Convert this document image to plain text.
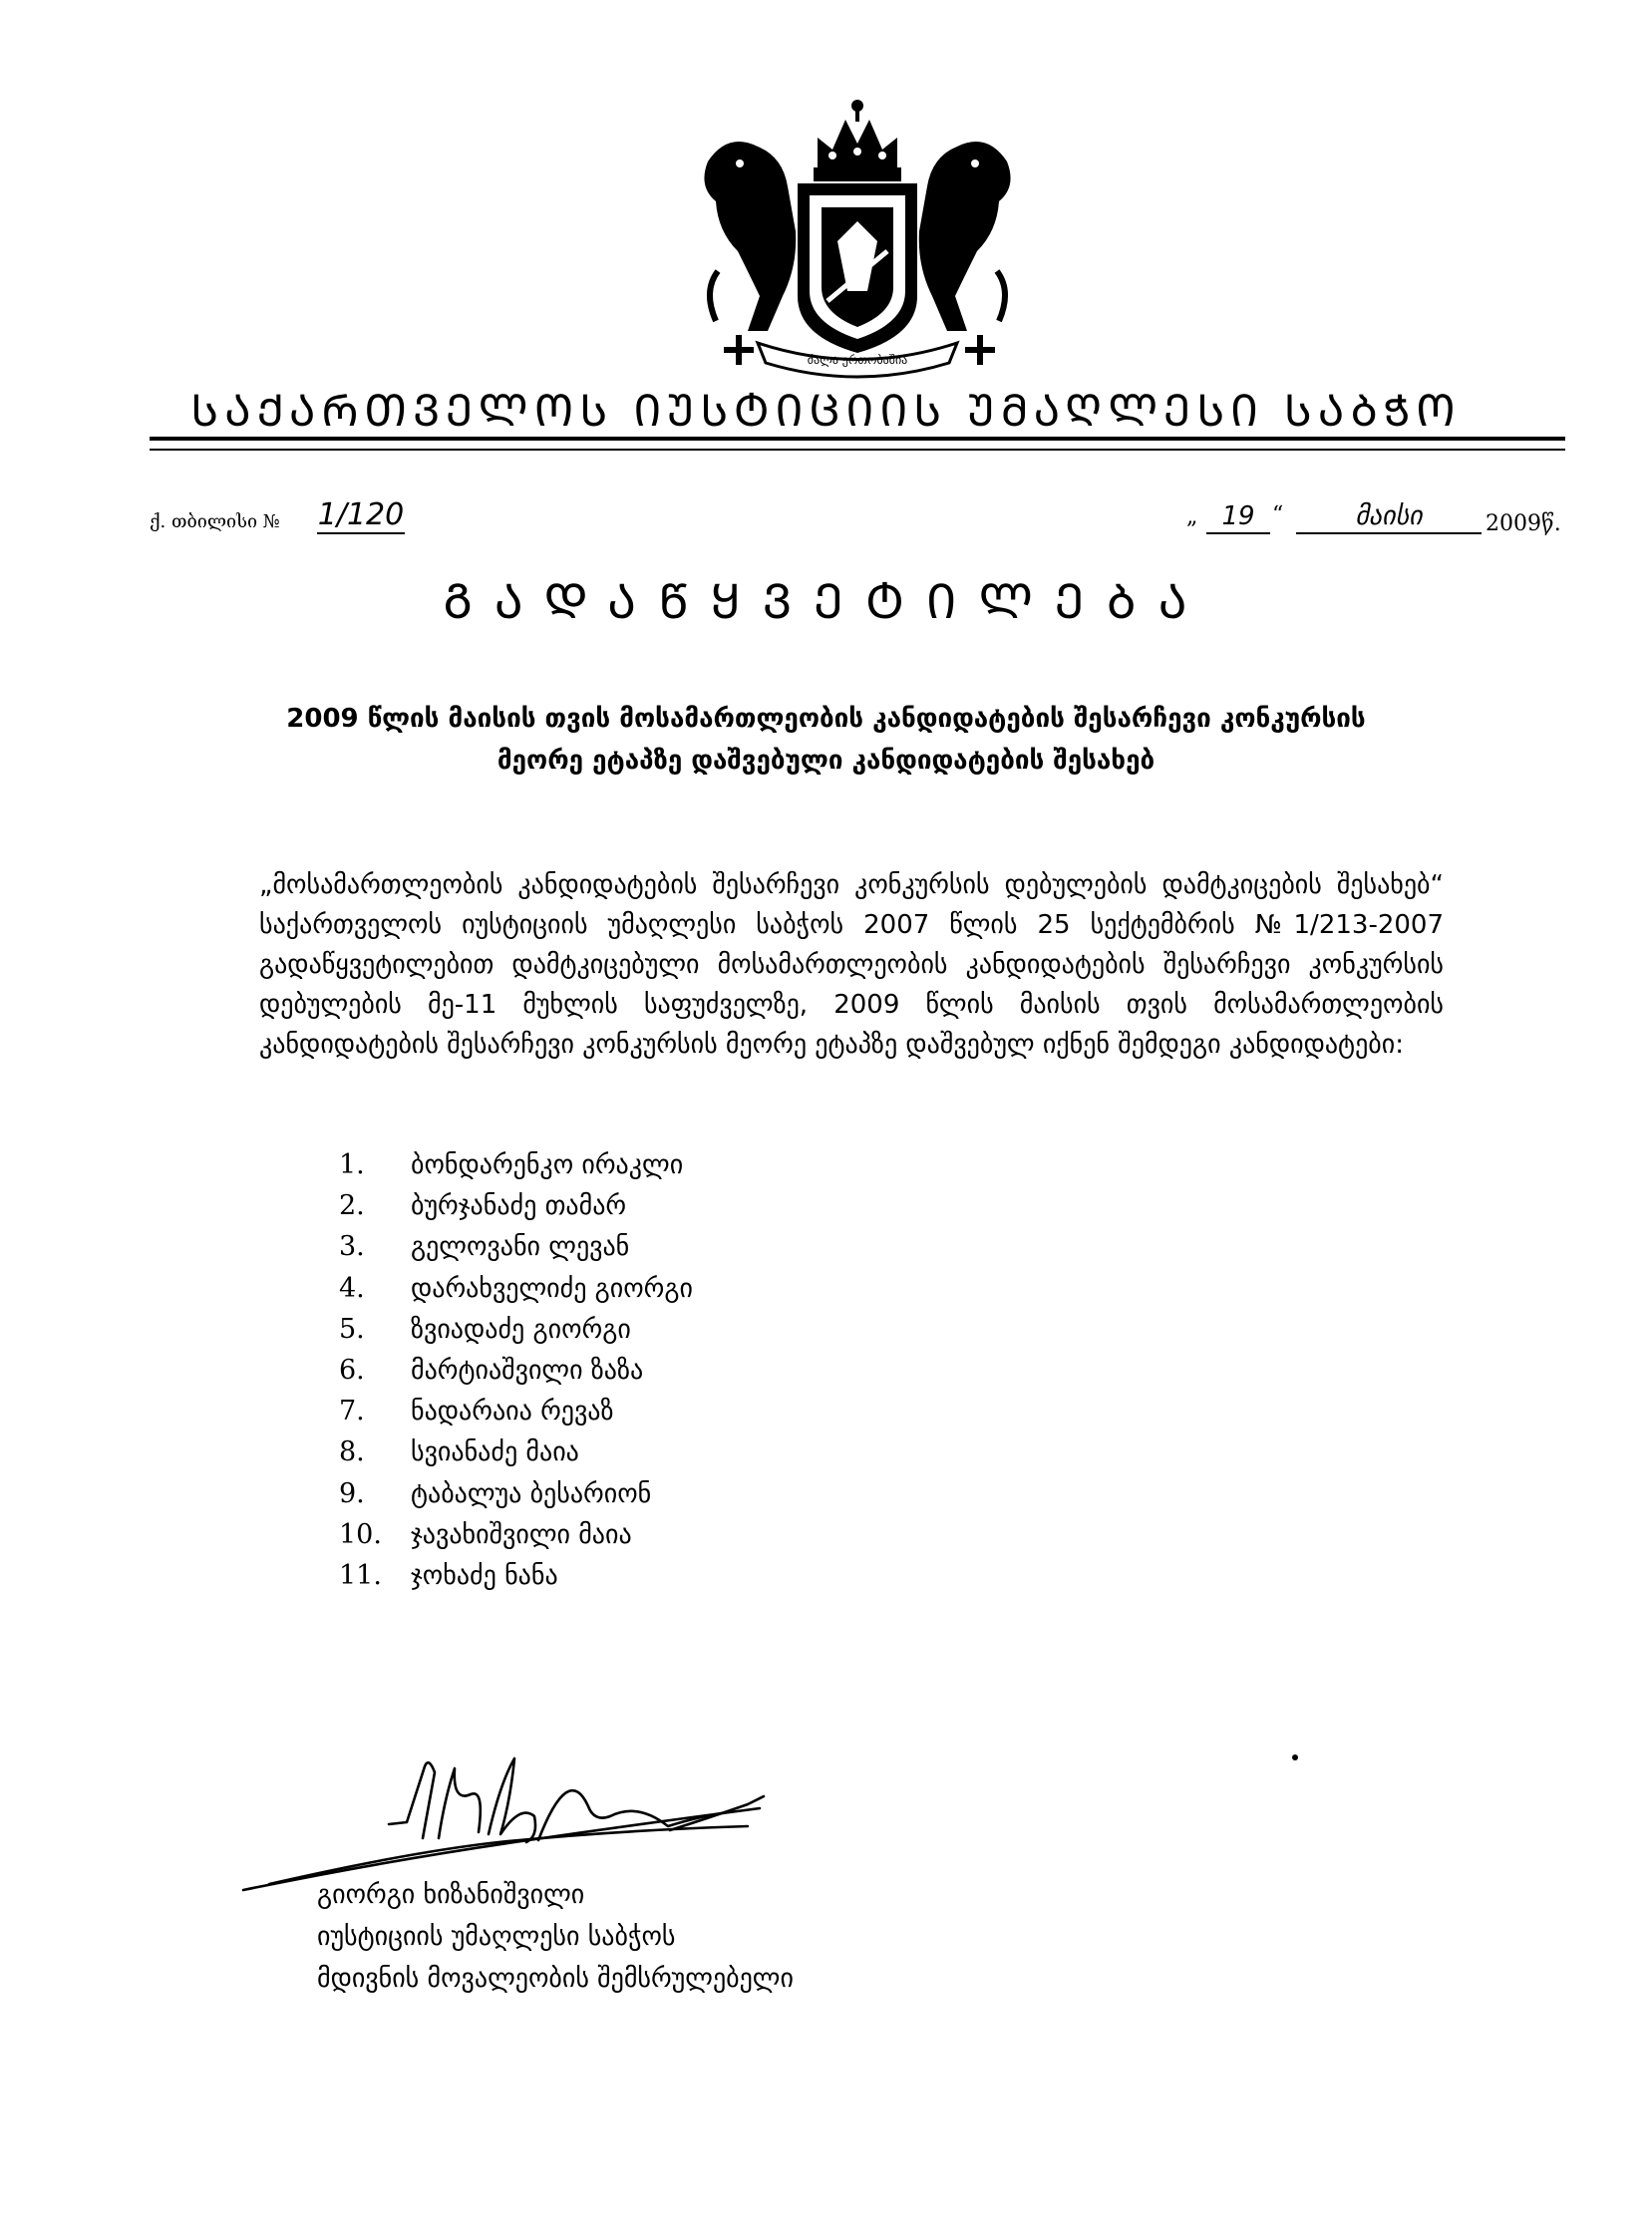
ძალა ერთობაშია
ᲡᲐᲥᲐᲠᲗᲕᲔᲚᲝᲡ ᲘᲣᲡᲢᲘᲪᲘᲘᲡ ᲣᲛᲐᲦᲚᲔᲡᲘ ᲡᲐᲑᲭᲝ
ქ. თბილისი № 1/120	„ 19 “	მაისი	2009წ.
ᲒᲐᲓᲐᲬᲧᲕᲔᲢᲘᲚᲔᲑᲐ
2009 წლის მაისის თვის მოსამართლეობის კანდიდატების შესარჩევი კონკურსის
მეორე ეტაპზე დაშვებული კანდიდატების შესახებ
„მოსამართლეობის კანდიდატების შესარჩევი კონკურსის დებულების დამტკიცების შესახებ“ საქართველოს იუსტიციის უმაღლესი საბჭოს 2007 წლის 25 სექტემბრის №1/213-2007 გადაწყვეტილებით დამტკიცებული მოსამართლეობის კანდიდატების შესარჩევი კონკურსის დებულების მე-11 მუხლის საფუძველზე, 2009 წლის მაისის თვის მოსამართლეობის კანდიდატების შესარჩევი კონკურსის მეორე ეტაპზე დაშვებულ იქნენ შემდეგი კანდიდატები:
1. ბონდარენკო ირაკლი
2. ბურჯანაძე თამარ
3. გელოვანი ლევან
4. დარახველიძე გიორგი
5. ზვიადაძე გიორგი
6. მარტიაშვილი ზაზა
7. ნადარაია რევაზ
8. სვიანაძე მაია
9. ტაბალუა ბესარიონ
10. ჯავახიშვილი მაია
11. ჯოხაძე ნანა
გიორგი ხიზანიშვილი
იუსტიციის უმაღლესი საბჭოს
მდივნის მოვალეობის შემსრულებელი
